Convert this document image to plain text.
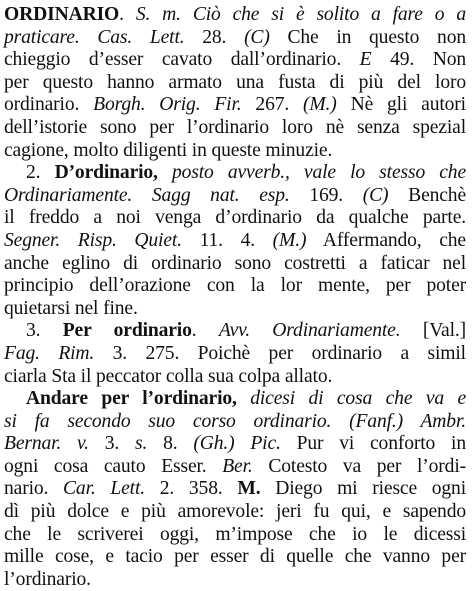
ORDINARIO. S. m. Ciò che si è solito a fare o a
praticare. Cas. Lett. 28. (C) Che in questo non
chieggio d’esser cavato dall’ordinario. E 49. Non
per questo hanno armato una fusta di più del loro
ordinario. Borgh. Orig. Fir. 267. (M.) Nè gli autori
dell’istorie sono per l’ordinario loro nè senza spezial
cagione, molto diligenti in queste minuzie.
2. D’ordinario, posto avverb., vale lo stesso che
Ordinariamente. Sagg nat. esp. 169. (C) Benchè
il freddo a noi venga d’ordinario da qualche parte.
Segner. Risp. Quiet. 11. 4. (M.) Affermando, che
anche eglino di ordinario sono costretti a faticar nel
principio dell’orazione con la lor mente, per poter
quietarsi nel fine.
3. Per ordinario. Avv. Ordinariamente. [Val.]
Fag. Rim. 3. 275. Poichè per ordinario a simil
ciarla Sta il peccator colla sua colpa allato.
Andare per l’ordinario, dicesi di cosa che va e
si fa secondo suo corso ordinario. (Fanf.) Ambr.
Bernar. v. 3. s. 8. (Gh.) Pic. Pur vi conforto in
ogni cosa cauto Esser. Ber. Cotesto va per l’ordi-
nario. Car. Lett. 2. 358. M. Diego mi riesce ogni
dì più dolce e più amorevole: jeri fu qui, e sapendo
che le scriverei oggi, m’impose che io le dicessi
mille cose, e tacio per esser di quelle che vanno per
l’ordinario.
